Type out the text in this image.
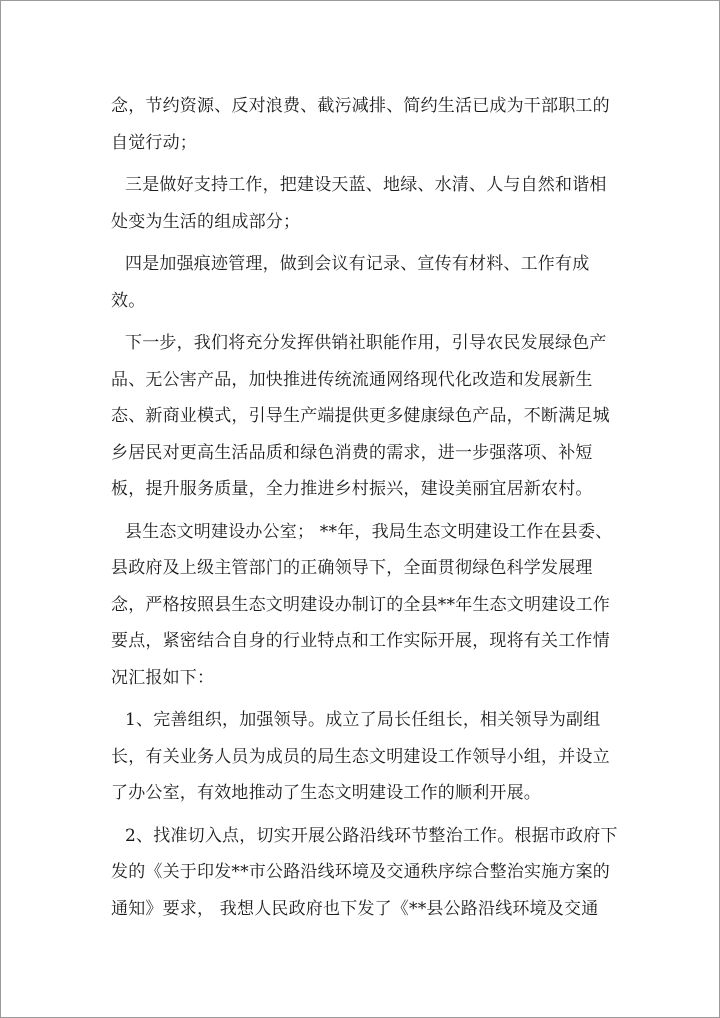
念，节约资源、反对浪费、截污减排、简约生活已成为干部职工的
自觉行动；
三是做好支持工作，把建设天蓝、地绿、水清、人与自然和谐相
处变为生活的组成部分；
四是加强痕迹管理，做到会议有记录、宣传有材料、工作有成
效。
下一步，我们将充分发挥供销社职能作用，引导农民发展绿色产
品、无公害产品，加快推进传统流通网络现代化改造和发展新生
态、新商业模式，引导生产端提供更多健康绿色产品，不断满足城
乡居民对更高生活品质和绿色消费的需求，进一步强落项、补短
板，提升服务质量，全力推进乡村振兴，建设美丽宜居新农村。
县生态文明建设办公室； **年，我局生态文明建设工作在县委、
县政府及上级主管部门的正确领导下，全面贯彻绿色科学发展理
念，严格按照县生态文明建设办制订的全县**年生态文明建设工作
要点，紧密结合自身的行业特点和工作实际开展，现将有关工作情
况汇报如下：
1、完善组织，加强领导。成立了局长任组长，相关领导为副组
长，有关业务人员为成员的局生态文明建设工作领导小组，并设立
了办公室，有效地推动了生态文明建设工作的顺利开展。
2、找准切入点，切实开展公路沿线环节整治工作。根据市政府下
发的《关于印发**市公路沿线环境及交通秩序综合整治实施方案的
通知》要求， 我想人民政府也下发了《**县公路沿线环境及交通
